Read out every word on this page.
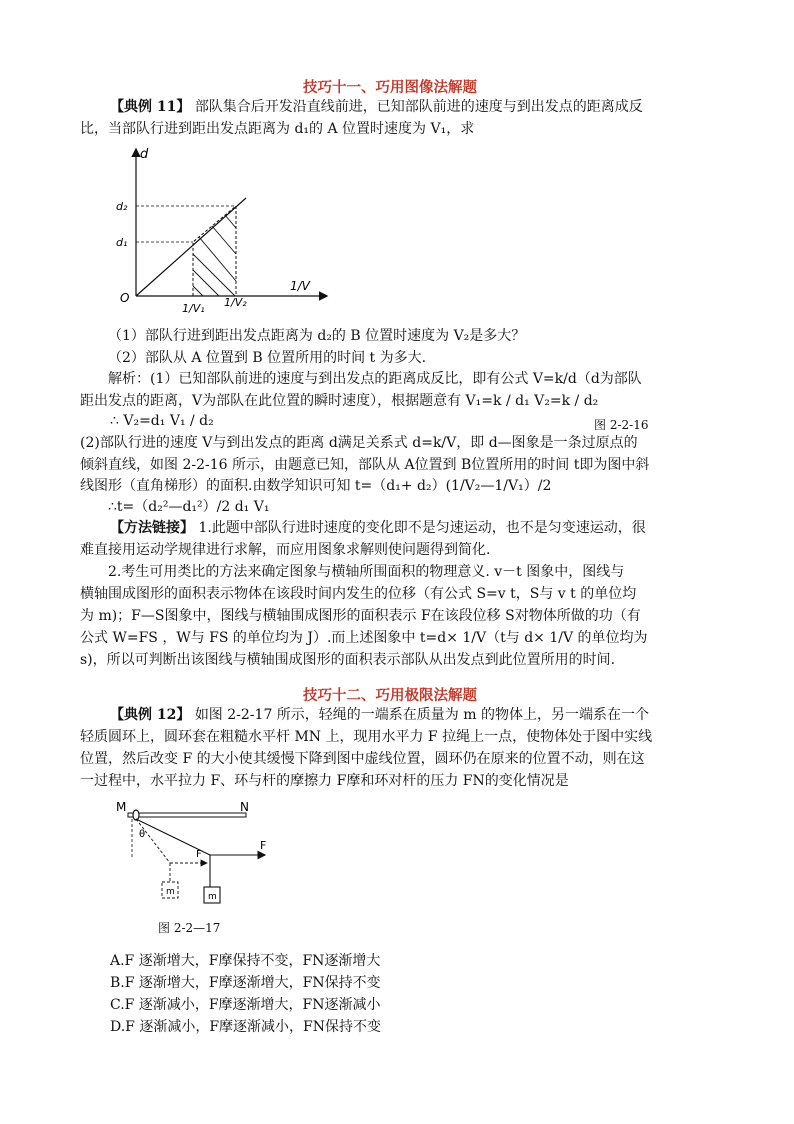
技巧十一、巧用图像法解题
【典例 11】 部队集合后开发沿直线前进，已知部队前进的速度与到出发点的距离成反
比，当部队行进到距出发点距离为 d₁的 A 位置时速度为 V₁，求
d
1/V
O
d₂
d₁
1/V₁ 1/V₂
（1）部队行进到距出发点距离为 d₂的 B 位置时速度为 V₂是多大？
（2）部队从 A 位置到 B 位置所用的时间 t 为多大.
解析：(1）已知部队前进的速度与到出发点的距离成反比，即有公式 V=k/d（d为部队
距出发点的距离，V为部队在此位置的瞬时速度），根据题意有 V₁=k / d₁ V₂=k / d₂
图 2-2-16
∴ V₂=d₁ V₁ / d₂
(2)部队行进的速度 V与到出发点的距离 d满足关系式 d=k/V，即 d—图象是一条过原点的
倾斜直线，如图 2-2-16 所示，由题意已知，部队从 A位置到 B位置所用的时间 t即为图中斜
线图形（直角梯形）的面积.由数学知识可知 t=（d₁+ d₂）(1/V₂—1/V₁）/2
∴t=（d₂²—d₁²）/2 d₁ V₁
【方法链接】 1.此题中部队行进时速度的变化即不是匀速运动，也不是匀变速运动，很
难直接用运动学规律进行求解，而应用图象求解则使问题得到简化.
2.考生可用类比的方法来确定图象与横轴所围面积的物理意义. v－t 图象中，图线与
横轴围成图形的面积表示物体在该段时间内发生的位移（有公式 S=v t，S与 v t 的单位均
为 m)；F—S图象中，图线与横轴围成图形的面积表示 F在该段位移 S对物体所做的功（有
公式 W=FS ，W与 FS 的单位均为 J）.而上述图象中 t=d× 1/V（t与 d× 1/V 的单位均为
s)，所以可判断出该图线与横轴围成图形的面积表示部队从出发点到此位置所用的时间.
技巧十二、巧用极限法解题
【典例 12】 如图 2-2-17 所示，轻绳的一端系在质量为 m 的物体上，另一端系在一个
轻质圆环上，圆环套在粗糙水平杆 MN 上，现用水平力 F 拉绳上一点，使物体处于图中实线
位置，然后改变 F 的大小使其缓慢下降到图中虚线位置，圆环仍在原来的位置不动，则在这
一过程中，水平拉力 F、环与杆的摩擦力 F摩和环对杆的压力 FN的变化情况是
M	N
θ
F
m
F
m
图 2-2—17
A.F 逐渐增大，F摩保持不变，FN逐渐增大
B.F 逐渐增大，F摩逐渐增大，FN保持不变
C.F 逐渐减小，F摩逐渐增大，FN逐渐减小
D.F 逐渐减小，F摩逐渐减小，FN保持不变
